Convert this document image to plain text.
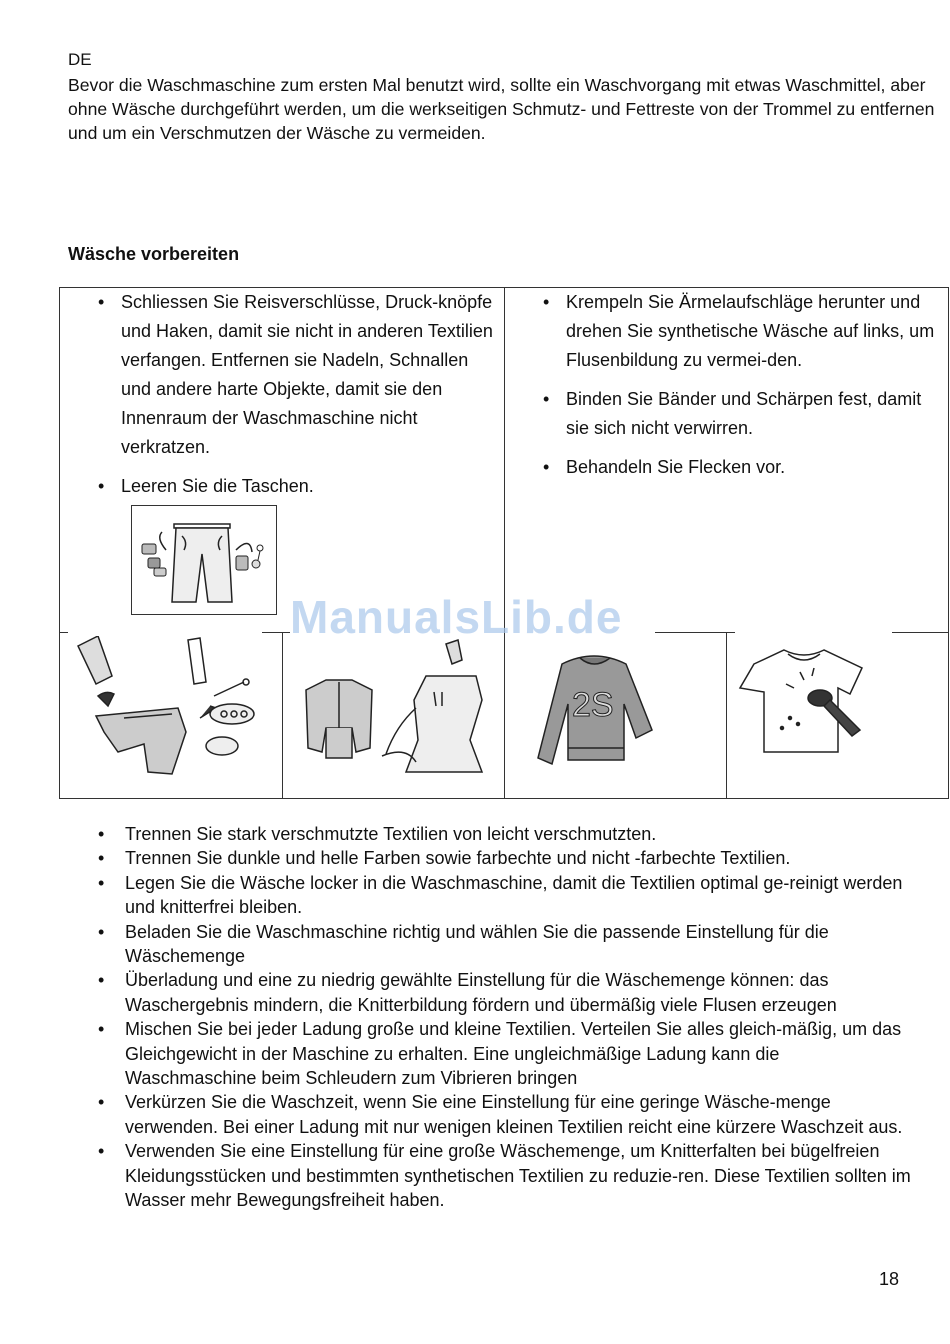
DE
Bevor die Waschmaschine zum ersten Mal benutzt wird, sollte ein Waschvorgang mit etwas Waschmittel, aber ohne Wäsche durchgeführt werden, um die werkseitigen Schmutz- und Fettreste von der Trommel zu entfernen und um ein Verschmutzen der Wäsche zu vermeiden.
Wäsche vorbereiten
• Schliessen Sie Reisverschlüsse, Druck-knöpfe und Haken, damit sie nicht in anderen Textilien verfangen. Entfernen sie Nadeln, Schnallen und andere harte Objekte, damit sie den Innenraum der Waschmaschine nicht verkratzen.
• Leeren Sie die Taschen.
• Krempeln Sie Ärmelaufschläge herunter und drehen Sie synthetische Wäsche auf links, um Flusenbildung zu vermei-den.
• Binden Sie Bänder und Schärpen fest, damit sie sich nicht verwirren.
• Behandeln Sie Flecken vor.
2S
ManualsLib.de
• Trennen Sie stark verschmutzte Textilien von leicht verschmutzten.
• Trennen Sie dunkle und helle Farben sowie farbechte und nicht -farbechte Textilien.
• Legen Sie die Wäsche locker in die Waschmaschine, damit die Textilien optimal ge-reinigt werden und knitterfrei bleiben.
• Beladen Sie die Waschmaschine richtig und wählen Sie die passende Einstellung für die Wäschemenge
• Überladung und eine zu niedrig gewählte Einstellung für die Wäschemenge können: das Waschergebnis mindern, die Knitterbildung fördern und übermäßig viele Flusen erzeugen
• Mischen Sie bei jeder Ladung große und kleine Textilien. Verteilen Sie alles gleich-mäßig, um das Gleichgewicht in der Maschine zu erhalten. Eine ungleichmäßige Ladung kann die Waschmaschine beim Schleudern zum Vibrieren bringen
• Verkürzen Sie die Waschzeit, wenn Sie eine Einstellung für eine geringe Wäsche-menge verwenden. Bei einer Ladung mit nur wenigen kleinen Textilien reicht eine kürzere Waschzeit aus.
• Verwenden Sie eine Einstellung für eine große Wäschemenge, um Knitterfalten bei bügelfreien Kleidungsstücken und bestimmten synthetischen Textilien zu reduzie-ren. Diese Textilien sollten im Wasser mehr Bewegungsfreiheit haben.
18
